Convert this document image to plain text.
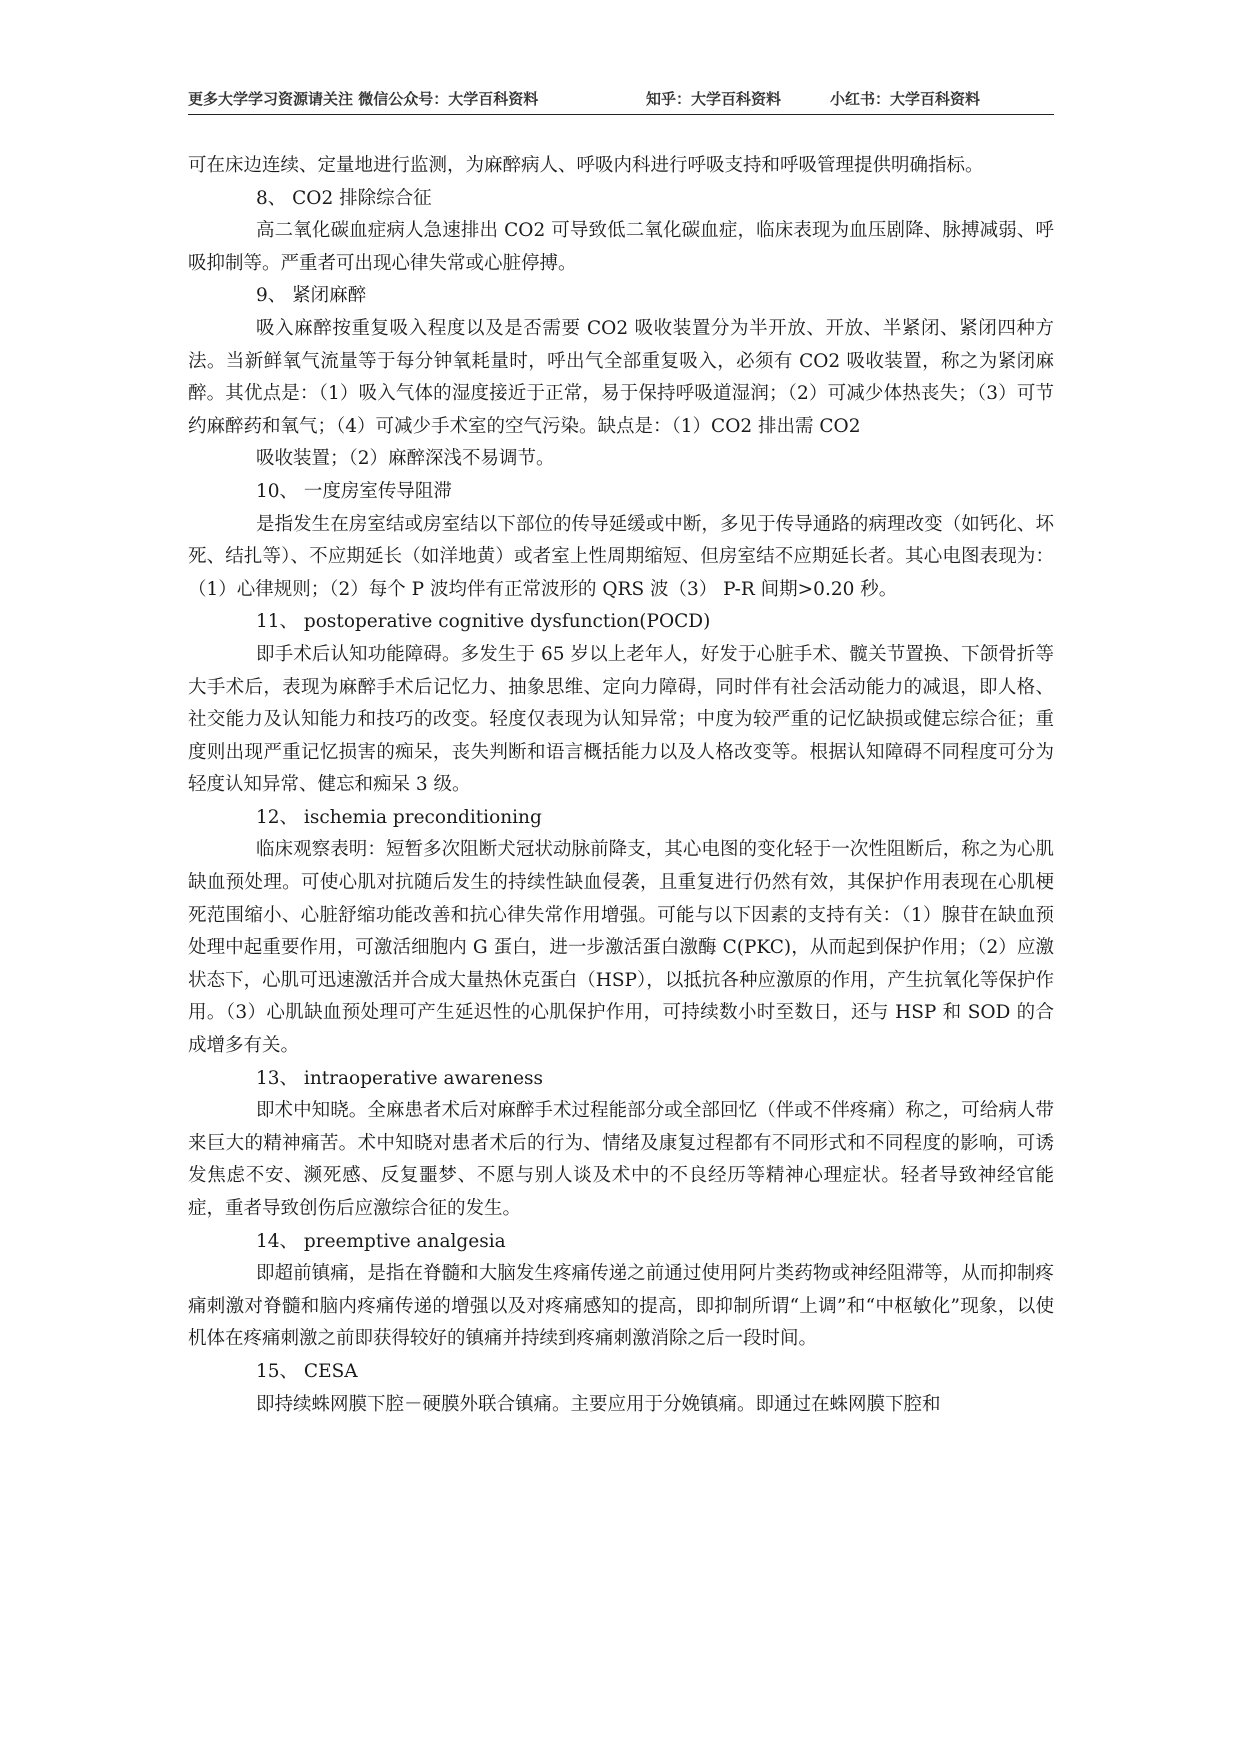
更多大学学习资源请关注 微信公众号：大学百科资料	知乎：大学百科资料	小红书：大学百科资料

可在床边连续、定量地进行监测，为麻醉病人、呼吸内科进行呼吸支持和呼吸管理提供明确指标。

8、 CO2 排除综合征

高二氧化碳血症病人急速排出 CO2 可导致低二氧化碳血症，临床表现为血压剧降、脉搏减弱、呼吸抑制等。严重者可出现心律失常或心脏停搏。

9、 紧闭麻醉

吸入麻醉按重复吸入程度以及是否需要 CO2 吸收装置分为半开放、开放、半紧闭、紧闭四种方法。当新鲜氧气流量等于每分钟氧耗量时，呼出气全部重复吸入，必须有 CO2 吸收装置，称之为紧闭麻醉。其优点是：（1）吸入气体的湿度接近于正常，易于保持呼吸道湿润；（2）可减少体热丧失；（3）可节约麻醉药和氧气；（4）可减少手术室的空气污染。缺点是：（1）CO2 排出需 CO2

吸收装置；（2）麻醉深浅不易调节。

10、 一度房室传导阻滞

是指发生在房室结或房室结以下部位的传导延缓或中断，多见于传导通路的病理改变（如钙化、坏死、结扎等）、不应期延长（如洋地黄）或者室上性周期缩短、但房室结不应期延长者。其心电图表现为：（1）心律规则；（2）每个 P 波均伴有正常波形的 QRS 波（3） P-R 间期>0.20 秒。

11、 postoperative cognitive dysfunction(POCD)

即手术后认知功能障碍。多发生于 65 岁以上老年人，好发于心脏手术、髋关节置换、下颌骨折等大手术后，表现为麻醉手术后记忆力、抽象思维、定向力障碍，同时伴有社会活动能力的减退，即人格、社交能力及认知能力和技巧的改变。轻度仅表现为认知异常；中度为较严重的记忆缺损或健忘综合征；重度则出现严重记忆损害的痴呆，丧失判断和语言概括能力以及人格改变等。根据认知障碍不同程度可分为轻度认知异常、健忘和痴呆 3 级。

12、 ischemia preconditioning

临床观察表明：短暂多次阻断犬冠状动脉前降支，其心电图的变化轻于一次性阻断后，称之为心肌缺血预处理。可使心肌对抗随后发生的持续性缺血侵袭，且重复进行仍然有效，其保护作用表现在心肌梗死范围缩小、心脏舒缩功能改善和抗心律失常作用增强。可能与以下因素的支持有关：（1）腺苷在缺血预处理中起重要作用，可激活细胞内 G 蛋白，进一步激活蛋白激酶 C(PKC)，从而起到保护作用；（2）应激状态下，心肌可迅速激活并合成大量热休克蛋白（HSP），以抵抗各种应激原的作用，产生抗氧化等保护作用。（3）心肌缺血预处理可产生延迟性的心肌保护作用，可持续数小时至数日，还与 HSP 和 SOD 的合成增多有关。

13、 intraoperative awareness

即术中知晓。全麻患者术后对麻醉手术过程能部分或全部回忆（伴或不伴疼痛）称之，可给病人带来巨大的精神痛苦。术中知晓对患者术后的行为、情绪及康复过程都有不同形式和不同程度的影响，可诱发焦虑不安、濒死感、反复噩梦、不愿与别人谈及术中的不良经历等精神心理症状。轻者导致神经官能症，重者导致创伤后应激综合征的发生。

14、 preemptive analgesia

即超前镇痛，是指在脊髓和大脑发生疼痛传递之前通过使用阿片类药物或神经阻滞等，从而抑制疼痛刺激对脊髓和脑内疼痛传递的增强以及对疼痛感知的提高，即抑制所谓“上调”和“中枢敏化”现象，以使机体在疼痛刺激之前即获得较好的镇痛并持续到疼痛刺激消除之后一段时间。

15、 CESA

即持续蛛网膜下腔－硬膜外联合镇痛。主要应用于分娩镇痛。即通过在蛛网膜下腔和
